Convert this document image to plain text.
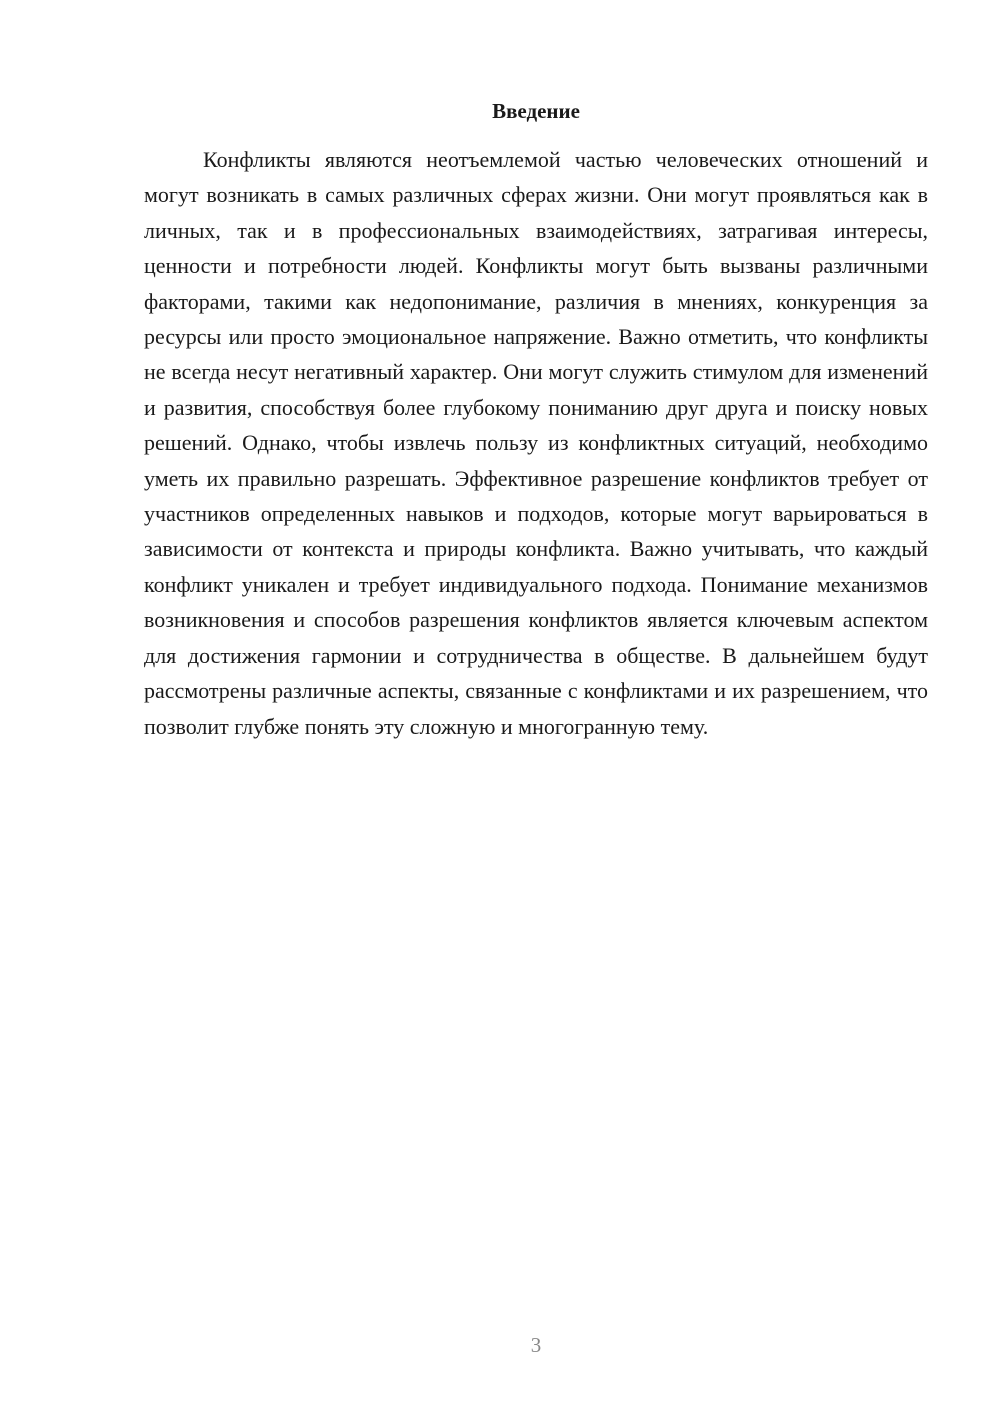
Введение

Конфликты являются неотъемлемой частью человеческих отношений и могут возникать в самых различных сферах жизни. Они могут проявляться как в личных, так и в профессиональных взаимодействиях, затрагивая интересы, ценности и потребности людей. Конфликты могут быть вызваны различными факторами, такими как недопонимание, различия в мнениях, конкуренция за ресурсы или просто эмоциональное напряжение. Важно отметить, что конфликты не всегда несут негативный характер. Они могут служить стимулом для изменений и развития, способствуя более глубокому пониманию друг друга и поиску новых решений. Однако, чтобы извлечь пользу из конфликтных ситуаций, необходимо уметь их правильно разрешать. Эффективное разрешение конфликтов требует от участников определенных навыков и подходов, которые могут варьироваться в зависимости от контекста и природы конфликта. Важно учитывать, что каждый конфликт уникален и требует индивидуального подхода. Понимание механизмов возникновения и способов разрешения конфликтов является ключевым аспектом для достижения гармонии и сотрудничества в обществе. В дальнейшем будут рассмотрены различные аспекты, связанные с конфликтами и их разрешением, что позволит глубже понять эту сложную и многогранную тему.

3
